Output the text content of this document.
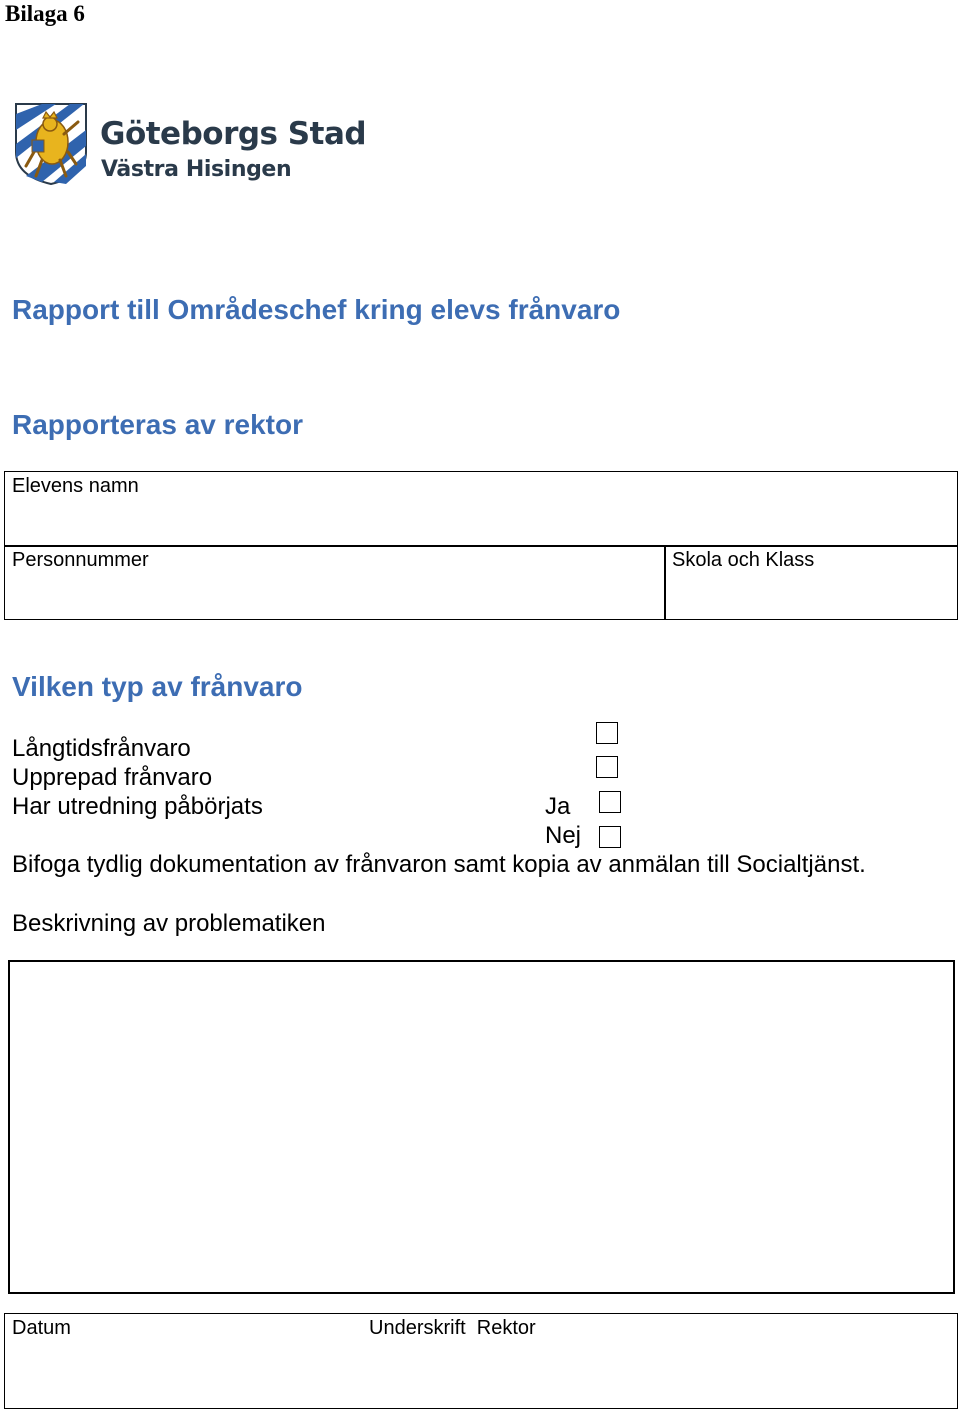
Bilaga 6
Göteborgs Stad
Västra Hisingen
Rapport till Områdeschef kring elevs frånvaro
Rapporteras av rektor
Elevens namn
Personnummer	Skola och Klass
Vilken typ av frånvaro
Långtidsfrånvaro
Upprepad frånvaro
Har utredning påbörjats	Ja
Nej
Bifoga tydlig dokumentation av frånvaron samt kopia av anmälan till Socialtjänst.
Beskrivning av problematiken
Datum	Underskrift  Rektor
